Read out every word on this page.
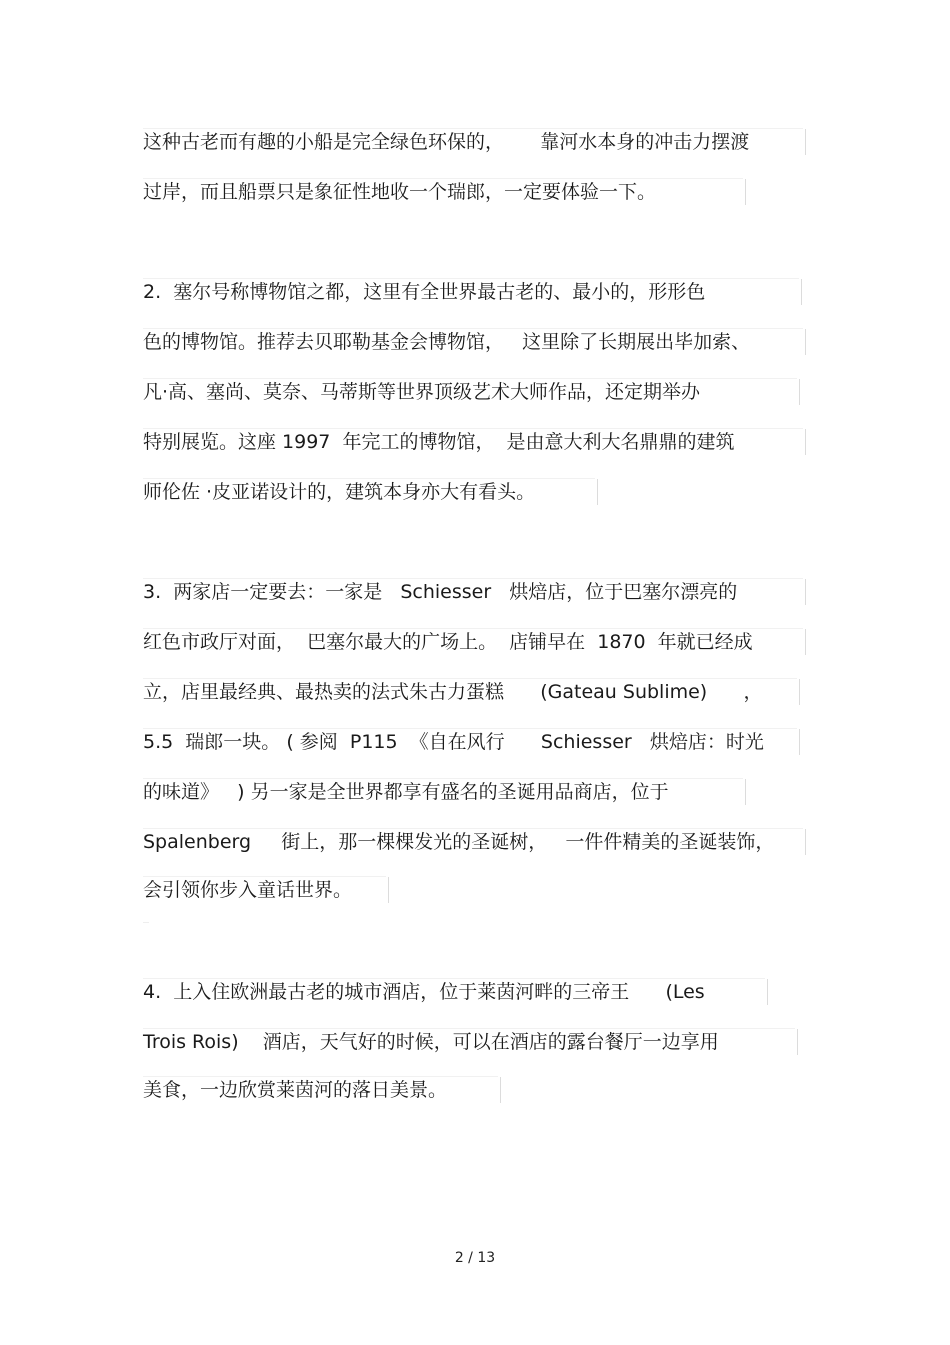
这种古老而有趣的小船是完全绿色环保的，      靠河水本身的冲击力摆渡
过岸，而且船票只是象征性地收一个瑞郎，一定要体验一下。
2.  塞尔号称博物馆之都，这里有全世界最古老的、最小的，形形色
色的博物馆。推荐去贝耶勒基金会博物馆，   这里除了长期展出毕加索、
凡·高、塞尚、莫奈、马蒂斯等世界顶级艺术大师作品，还定期举办
特别展览。这座 1997  年完工的博物馆，  是由意大利大名鼎鼎的建筑
师伦佐 ·皮亚诺设计的，建筑本身亦大有看头。
3.  两家店一定要去：一家是   Schiesser   烘焙店，位于巴塞尔漂亮的
红色市政厅对面，  巴塞尔最大的广场上。  店铺早在  1870  年就已经成
立，店里最经典、最热卖的法式朱古力蛋糕      (Gateau Sublime)      ，
5.5  瑞郎一块。 ( 参阅  P115  《自在风行      Schiesser   烘焙店：时光
的味道》   ) 另一家是全世界都享有盛名的圣诞用品商店，位于
Spalenberg     街上，那一棵棵发光的圣诞树，   一件件精美的圣诞装饰，
会引领你步入童话世界。
4.  上入住欧洲最古老的城市酒店，位于莱茵河畔的三帝王      (Les
Trois Rois)    酒店，天气好的时候，可以在酒店的露台餐厅一边享用
美食，一边欣赏莱茵河的落日美景。
2 / 13
